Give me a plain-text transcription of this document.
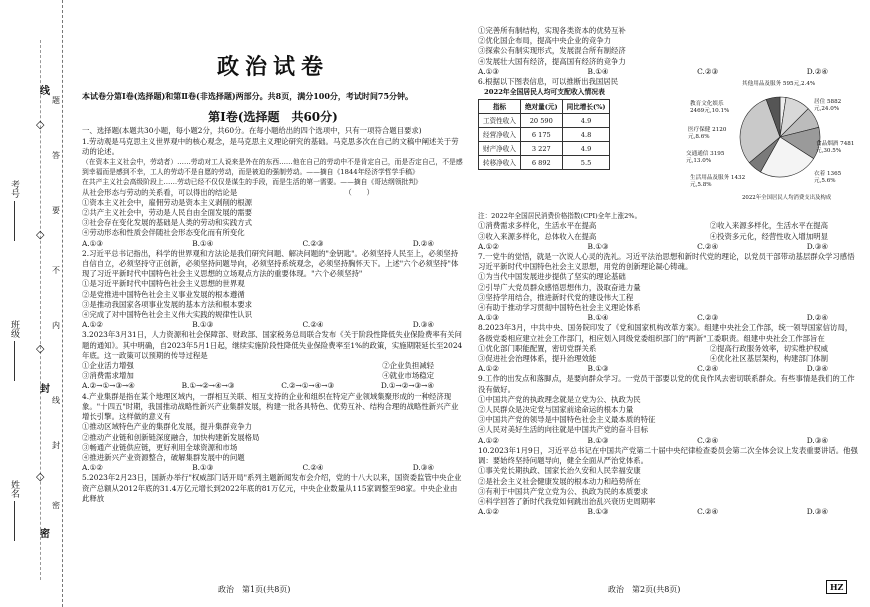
◇
◇
◇
◇
线
封
密
题
答
要
不
内
线
封
密
考号
班级
姓名
政治试卷
本试卷分第Ⅰ卷(选择题)和第Ⅱ卷(非选择题)两部分。共8页，满分100分，考试时间75分钟。
第Ⅰ卷(选择题　共60分)

一、选择题(本题共30小题，每小题2分，共60分。在每小题给出的四个选项中，只有一项符合题目要求)

1.劳动观是马克思主义世界观中的核心观念，是马克思主义理论研究的基础。马克思多次在自己的文稿中阐述关于劳动的论述。

（在资本主义社会中，劳动者）……劳动对工人说来是外在的东西……他在自己的劳动中不是肯定自己，而是否定自己，不是感到幸福而是感到不幸，工人的劳动不是自愿的劳动，而是被迫的强制劳动。——摘自《1844年经济学哲学手稿》

在共产主义社会高级阶段上……劳动已经不仅仅是谋生的手段，而是生活的第一需要。——摘自《哥达纲领批判》

从社会形态与劳动的关系看，可以得出的结论是　　　　　　　　　　　　　　　（　　）

①资本主义社会中，雇佣劳动是资本主义剥削的根源

②共产主义社会中，劳动是人民自由全面发展的需要

③社会存在变化发展的基础是人类的劳动和实践方式

④劳动形态和性质会伴随社会形态变化而有所变化

A.①③	B.①④	C.②③	D.②④

2.习近平总书记指出，科学的世界观和方法论是我们研究问题、解决问题的"金钥匙"。必须坚持人民至上，必须坚持自信自立，必须坚持守正创新，必须坚持问题导向，必须坚持系统观念，必须坚持胸怀天下。上述"六个必须坚持"体现了习近平新时代中国特色社会主义思想的立场观点方法的重要体现。"六个必须坚持"

①是习近平新时代中国特色社会主义思想的世界观

②是党推进中国特色社会主义事业发展的根本遵循

③是推动我国家各项事业发展的基本方法和根本要求

④完成了对中国特色社会主义伟大实践的规律性认识

A.①②	B.①③	C.②④	D.③④

3.2023年3月31日，人力资源和社会保障部、财政部、国家税务总局联合发布《关于阶段性降低失业保险费率有关问题的通知》。其中明确，自2023年5月1日起，继续实施阶段性降低失业保险费率至1%的政策，实施期限延长至2024年底。这一政策可以预期的传导过程是

①企业活力增强	②企业负担减轻
③消费需求增加	④就业市场稳定
A.②→①→③→④	B.①→②→④→③	C.②→①→④→③	D.①→②→③→④

4.产业集群是指在某个地理区域内，一群相互关联、相互支持的企业和组织在特定产业领域集聚形成的一种经济现象。"十四五"时期，我国推动战略性新兴产业集群发展，构建一批各具特色、优势互补、结构合理的战略性新兴产业增长引擎。这样做的意义有

①推动区域特色产业的集群化发展，提升集群竞争力

②推动产业链和创新链深度融合，加快构建新发展格局

③畅通产业链供应链，更好利用全球资源和市场

④推进新兴产业资源整合，破解集群发展中的问题

A.①②	B.①③	C.②④	D.③④

5.2023年2月23日，国新办举行"权威部门话开局"系列主题新闻发布会介绍，党的十八大以来，国资委监管中央企业资产总额从2012年底的31.4万亿元增长到2022年底的81万亿元，中央企业数量从115家调整至98家。中央企业由此释放

政治　第1页(共8页)

①完善所有制结构，实现各类资本的优势互补

②优化国企布局，提高中央企业的竞争力

③探索公有制实现形式，发展混合所有制经济

④发展壮大国有经济，提高国有经济的竞争力

A.①③	B.①④	C.②③	D.②④

6.根据以下图表信息，可以推断出我国居民

2022年全国居民人均可支配收入情况表
指标	绝对量(元)	同比增长(%)
工资性收入	20 590	4.9
经营净收入	6 175	4.8
财产净收入	3 227	4.9
转移净收入	6 892	5.5
其他用品及服务 595元,2.4%
教育文化娱乐 2469元,10.1%
医疗保健 2120元,8.6%
交通通信 3195元,13.0%
居住 5882元,24.0%
生活用品及服务 1432元,5.8%
食品烟酒 7481元,30.5%
衣着 1365元,5.6%
2022年全国居民人均消费支出及构成

注：2022年全国居民消费价格指数(CPI)全年上涨2%。

①消费需求多样化，生活水平在提高	②收入来源多样化，生活水平在提高
③收入来源多样化，总体收入在提高	④投资多元化，经营性收入增加明显
A.①②	B.①③	C.②④	D.③④

7.一党牛的觉悟，就是一次说人心灵的洗礼。习近平法治思想和新时代党的理论，以党员干部带动基层群众学习感悟习近平新时代中国特色社会主义思想，用党的创新理论凝心铸魂。

①为当代中国发展进步提供了坚实的理论基础

②引导广大党员群众感悟思想伟力，汲取奋进力量

③坚持学用结合，推进新时代党的建设伟大工程

④有助于推动学习贯彻中国特色社会主义理论体系

A.①③	B.①④	C.②③	D.②④

8.2023年3月，中共中央、国务院印发了《党和国家机构改革方案》。组建中央社会工作部，统一领导国家信访局，各级党委相应建立社会工作部门，相应划入同级党委组织部门的"两新"工委职责。组建中央社会工作部旨在

①优化部门职能配置，密切党群关系	②提高行政服务效率，切实维护权威
③促进社会治理体系，提升治理效能	④优化社区基层架构，构建部门体制
A.①②	B.①③	C.②④	D.③④

9.工作的出发点和落脚点，是要向群众学习。一党员干部要以党的优良作风去密切联系群众。有些事情是我们的工作没有做好。

①中国共产党的执政理念就是立党为公、执政为民

②人民群众是决定党与国家前途命运的根本力量

③中国共产党的领导是中国特色社会主义最本质的特征

④人民对美好生活的向往就是中国共产党的奋斗目标

A.①②	B.①③	C.②④	D.③④

10.2023年1月9日，习近平总书记在中国共产党第二十届中央纪律检查委员会第二次全体会议上发表重要讲话。他强调：要始终坚持问题导向，健全全面从严治党体系。

①事关党长期执政、国家长治久安和人民幸福安康

②是社会主义社会健康发展的根本动力和趋势所在

③有利于中国共产党立党为公、执政为民的本质要求

④科学回答了新时代我党如何跳出治乱兴衰历史周期率

A.①②	B.①③	C.②④	D.③④
政治　第2页(共8页)	HZ
